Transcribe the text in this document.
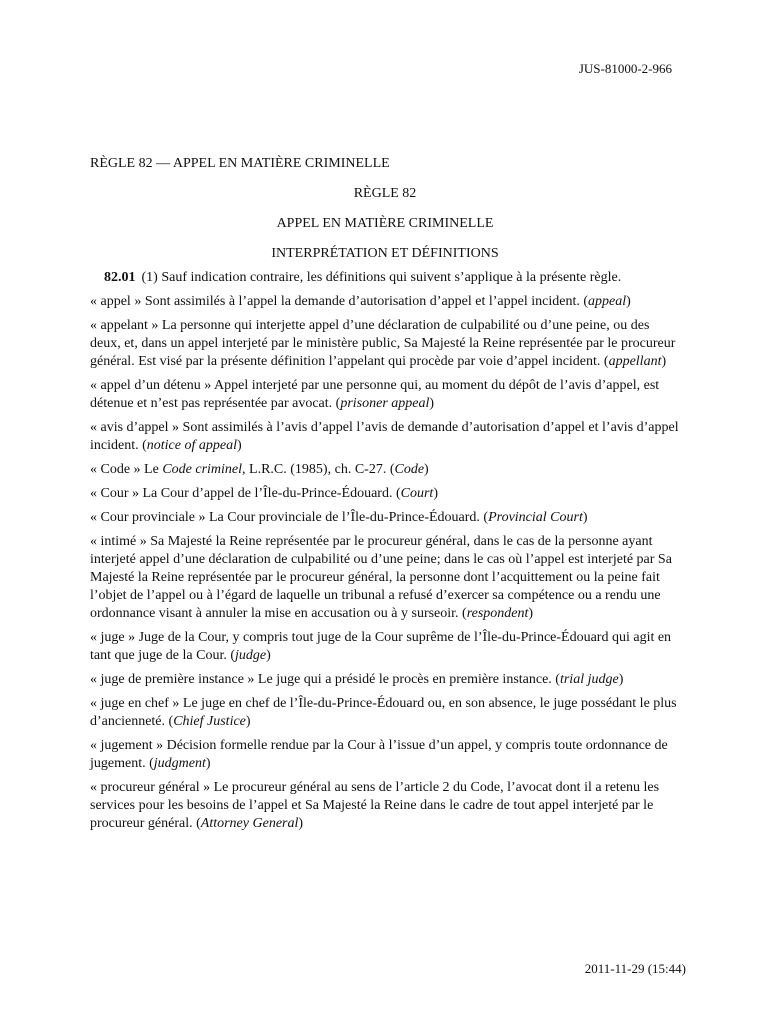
JUS-81000-2-966

RÈGLE 82 — APPEL EN MATIÈRE CRIMINELLE

RÈGLE 82

APPEL EN MATIÈRE CRIMINELLE

INTERPRÉTATION ET DÉFINITIONS

82.01 (1) Sauf indication contraire, les définitions qui suivent s’applique à la présente règle.

« appel » Sont assimilés à l’appel la demande d’autorisation d’appel et l’appel incident. (appeal)

« appelant » La personne qui interjette appel d’une déclaration de culpabilité ou d’une peine, ou des deux, et, dans un appel interjeté par le ministère public, Sa Majesté la Reine représentée par le procureur général. Est visé par la présente définition l’appelant qui procède par voie d’appel incident. (appellant)

« appel d’un détenu » Appel interjeté par une personne qui, au moment du dépôt de l’avis d’appel, est détenue et n’est pas représentée par avocat. (prisoner appeal)

« avis d’appel » Sont assimilés à l’avis d’appel l’avis de demande d’autorisation d’appel et l’avis d’appel incident. (notice of appeal)

« Code » Le Code criminel, L.R.C. (1985), ch. C-27. (Code)

« Cour » La Cour d’appel de l’Île-du-Prince-Édouard. (Court)

« Cour provinciale » La Cour provinciale de l’Île-du-Prince-Édouard. (Provincial Court)

« intimé » Sa Majesté la Reine représentée par le procureur général, dans le cas de la personne ayant interjeté appel d’une déclaration de culpabilité ou d’une peine; dans le cas où l’appel est interjeté par Sa Majesté la Reine représentée par le procureur général, la personne dont l’acquittement ou la peine fait l’objet de l’appel ou à l’égard de laquelle un tribunal a refusé d’exercer sa compétence ou a rendu une ordonnance visant à annuler la mise en accusation ou à y surseoir. (respondent)

« juge » Juge de la Cour, y compris tout juge de la Cour suprême de l’Île-du-Prince-Édouard qui agit en tant que juge de la Cour. (judge)

« juge de première instance » Le juge qui a présidé le procès en première instance. (trial judge)

« juge en chef » Le juge en chef de l’Île-du-Prince-Édouard ou, en son absence, le juge possédant le plus d’ancienneté. (Chief Justice)

« jugement » Décision formelle rendue par la Cour à l’issue d’un appel, y compris toute ordonnance de jugement. (judgment)

« procureur général » Le procureur général au sens de l’article 2 du Code, l’avocat dont il a retenu les services pour les besoins de l’appel et Sa Majesté la Reine dans le cadre de tout appel interjeté par le procureur général. (Attorney General)

2011-11-29 (15:44)
